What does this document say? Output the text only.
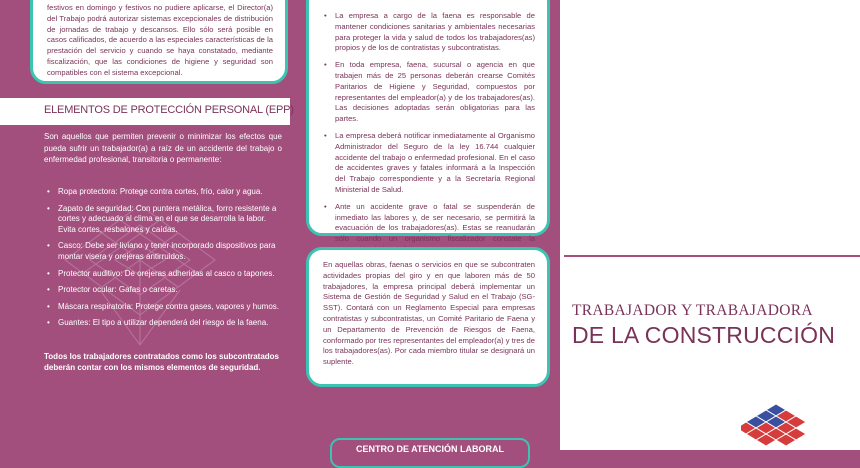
festivos en domingo y festivos no pudiere aplicarse, el Director(a) del Trabajo podrá autorizar sistemas excepcionales de distribución de jornadas de trabajo y descansos. Ello sólo será posible en casos calificados, de acuerdo a las especiales características de la prestación del servicio y cuando se haya constatado, mediante fiscalización, que las condiciones de higiene y seguridad son compatibles con el sistema excepcional.
ELEMENTOS DE PROTECCIÓN PERSONAL (EPP)
Son aquellos que permiten prevenir o minimizar los efectos que pueda sufrir un trabajador(a) a raíz de un accidente del trabajo o enfermedad profesional, transitoria o permanente:
• Ropa protectora: Protege contra cortes, frío, calor y agua.
• Zapato de seguridad: Con puntera metálica, forro resistente a cortes y adecuado al clima en el que se desarrolla la labor. Evita cortes, resbalones y caídas.
• Casco: Debe ser liviano y tener incorporado dispositivos para montar visera y orejeras antirruidos.
• Protector auditivo: De orejeras adheridas al casco o tapones.
• Protector ocular: Gafas o caretas.
• Máscara respiratoria: Protege contra gases, vapores y humos.
• Guantes: El tipo a utilizar dependerá del riesgo de la faena.
Todos los trabajadores contratados como los subcontratados deberán contar con los mismos elementos de seguridad.
• La empresa a cargo de la faena es responsable de mantener condiciones sanitarias y ambientales necesarias para proteger la vida y salud de todos los trabajadores(as) propios y de los de contratistas y subcontratistas.
• En toda empresa, faena, sucursal o agencia en que trabajen más de 25 personas deberán crearse Comités Paritarios de Higiene y Seguridad, compuestos por representantes del empleador(a) y de los trabajadores(as). Las decisiones adoptadas serán obligatorias para las partes.
• La empresa deberá notificar inmediatamente al Organismo Administrador del Seguro de la ley 16.744 cualquier accidente del trabajo o enfermedad profesional. En el caso de accidentes graves y fatales informará a la Inspección del Trabajo correspondiente y a la Secretaría Regional Ministerial de Salud.
• Ante un accidente grave o fatal se suspenderán de inmediato las labores y, de ser necesario, se permitirá la evacuación de los trabajadores(as). Estas se reanudarán sólo cuando un organismo fiscalizador constate la
En aquellas obras, faenas o servicios en que se subcontraten actividades propias del giro y en que laboren más de 50 trabajadores, la empresa principal deberá implementar un Sistema de Gestión de Seguridad y Salud en el Trabajo (SG-SST). Contará con un Reglamento Especial para empresas contratistas y subcontratistas, un Comité Paritario de Faena y un Departamento de Prevención de Riesgos de Faena, conformado por tres representantes del empleador(a) y tres de los trabajadores(as). Por cada miembro titular se designará un suplente.
CENTRO DE ATENCIÓN LABORAL
TRABAJADOR Y TRABAJADORA
DE LA CONSTRUCCIÓN
